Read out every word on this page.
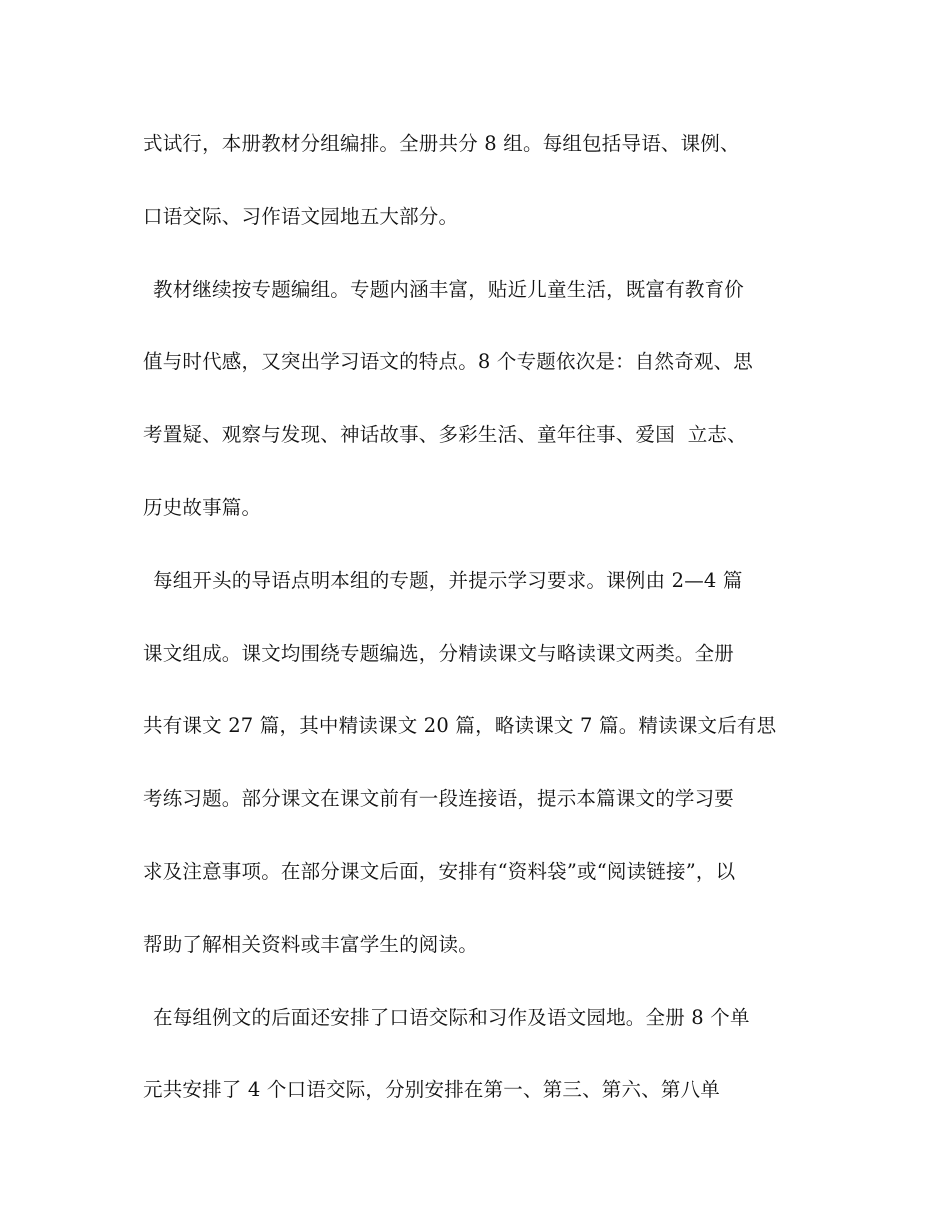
式试行，本册教材分组编排。全册共分 8 组。每组包括导语、课例、
口语交际、习作语文园地五大部分。
教材继续按专题编组。专题内涵丰富，贴近儿童生活，既富有教育价
值与时代感，又突出学习语文的特点。8 个专题依次是：自然奇观、思
考置疑、观察与发现、神话故事、多彩生活、童年往事、爱国  立志、
历史故事篇。
每组开头的导语点明本组的专题，并提示学习要求。课例由 2—4 篇
课文组成。课文均围绕专题编选，分精读课文与略读课文两类。全册
共有课文 27 篇，其中精读课文 20 篇，略读课文 7 篇。精读课文后有思
考练习题。部分课文在课文前有一段连接语，提示本篇课文的学习要
求及注意事项。在部分课文后面，安排有“资料袋”或“阅读链接”，以
帮助了解相关资料或丰富学生的阅读。
在每组例文的后面还安排了口语交际和习作及语文园地。全册 8 个单
元共安排了 4 个口语交际，分别安排在第一、第三、第六、第八单
